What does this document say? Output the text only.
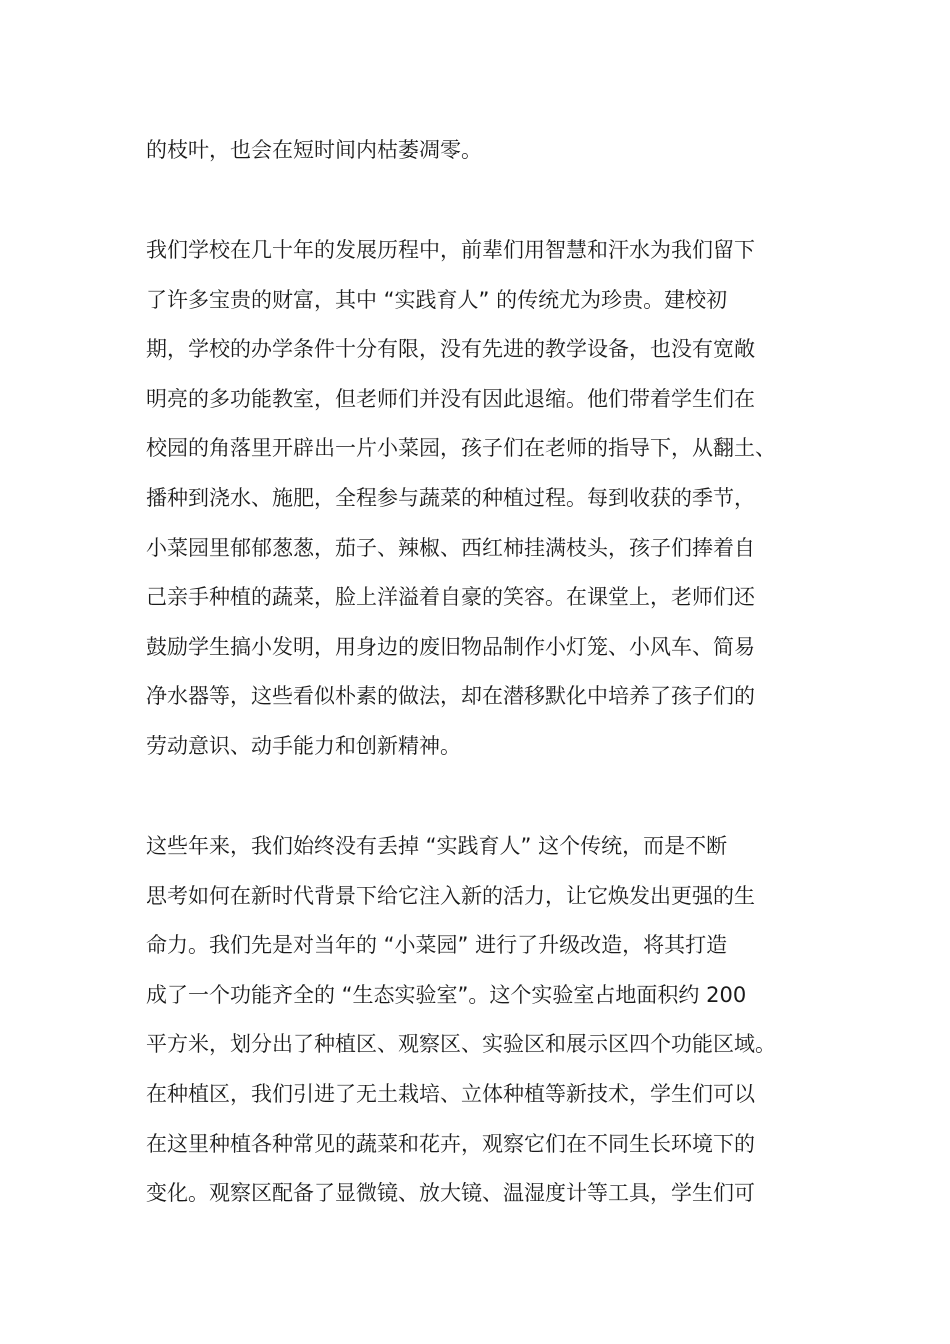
的枝叶，也会在短时间内枯萎凋零。

我们学校在几十年的发展历程中，前辈们用智慧和汗水为我们留下
了许多宝贵的财富，其中 “实践育人” 的传统尤为珍贵。建校初
期，学校的办学条件十分有限，没有先进的教学设备，也没有宽敞
明亮的多功能教室，但老师们并没有因此退缩。他们带着学生们在
校园的角落里开辟出一片小菜园，孩子们在老师的指导下，从翻土、
播种到浇水、施肥，全程参与蔬菜的种植过程。每到收获的季节，
小菜园里郁郁葱葱，茄子、辣椒、西红柿挂满枝头，孩子们捧着自
己亲手种植的蔬菜，脸上洋溢着自豪的笑容。在课堂上，老师们还
鼓励学生搞小发明，用身边的废旧物品制作小灯笼、小风车、简易
净水器等，这些看似朴素的做法，却在潜移默化中培养了孩子们的
劳动意识、动手能力和创新精神。

这些年来，我们始终没有丢掉 “实践育人” 这个传统，而是不断
思考如何在新时代背景下给它注入新的活力，让它焕发出更强的生
命力。我们先是对当年的 “小菜园” 进行了升级改造，将其打造
成了一个功能齐全的 “生态实验室”。这个实验室占地面积约 200
平方米，划分出了种植区、观察区、实验区和展示区四个功能区域。
在种植区，我们引进了无土栽培、立体种植等新技术，学生们可以
在这里种植各种常见的蔬菜和花卉，观察它们在不同生长环境下的
变化。观察区配备了显微镜、放大镜、温湿度计等工具，学生们可
